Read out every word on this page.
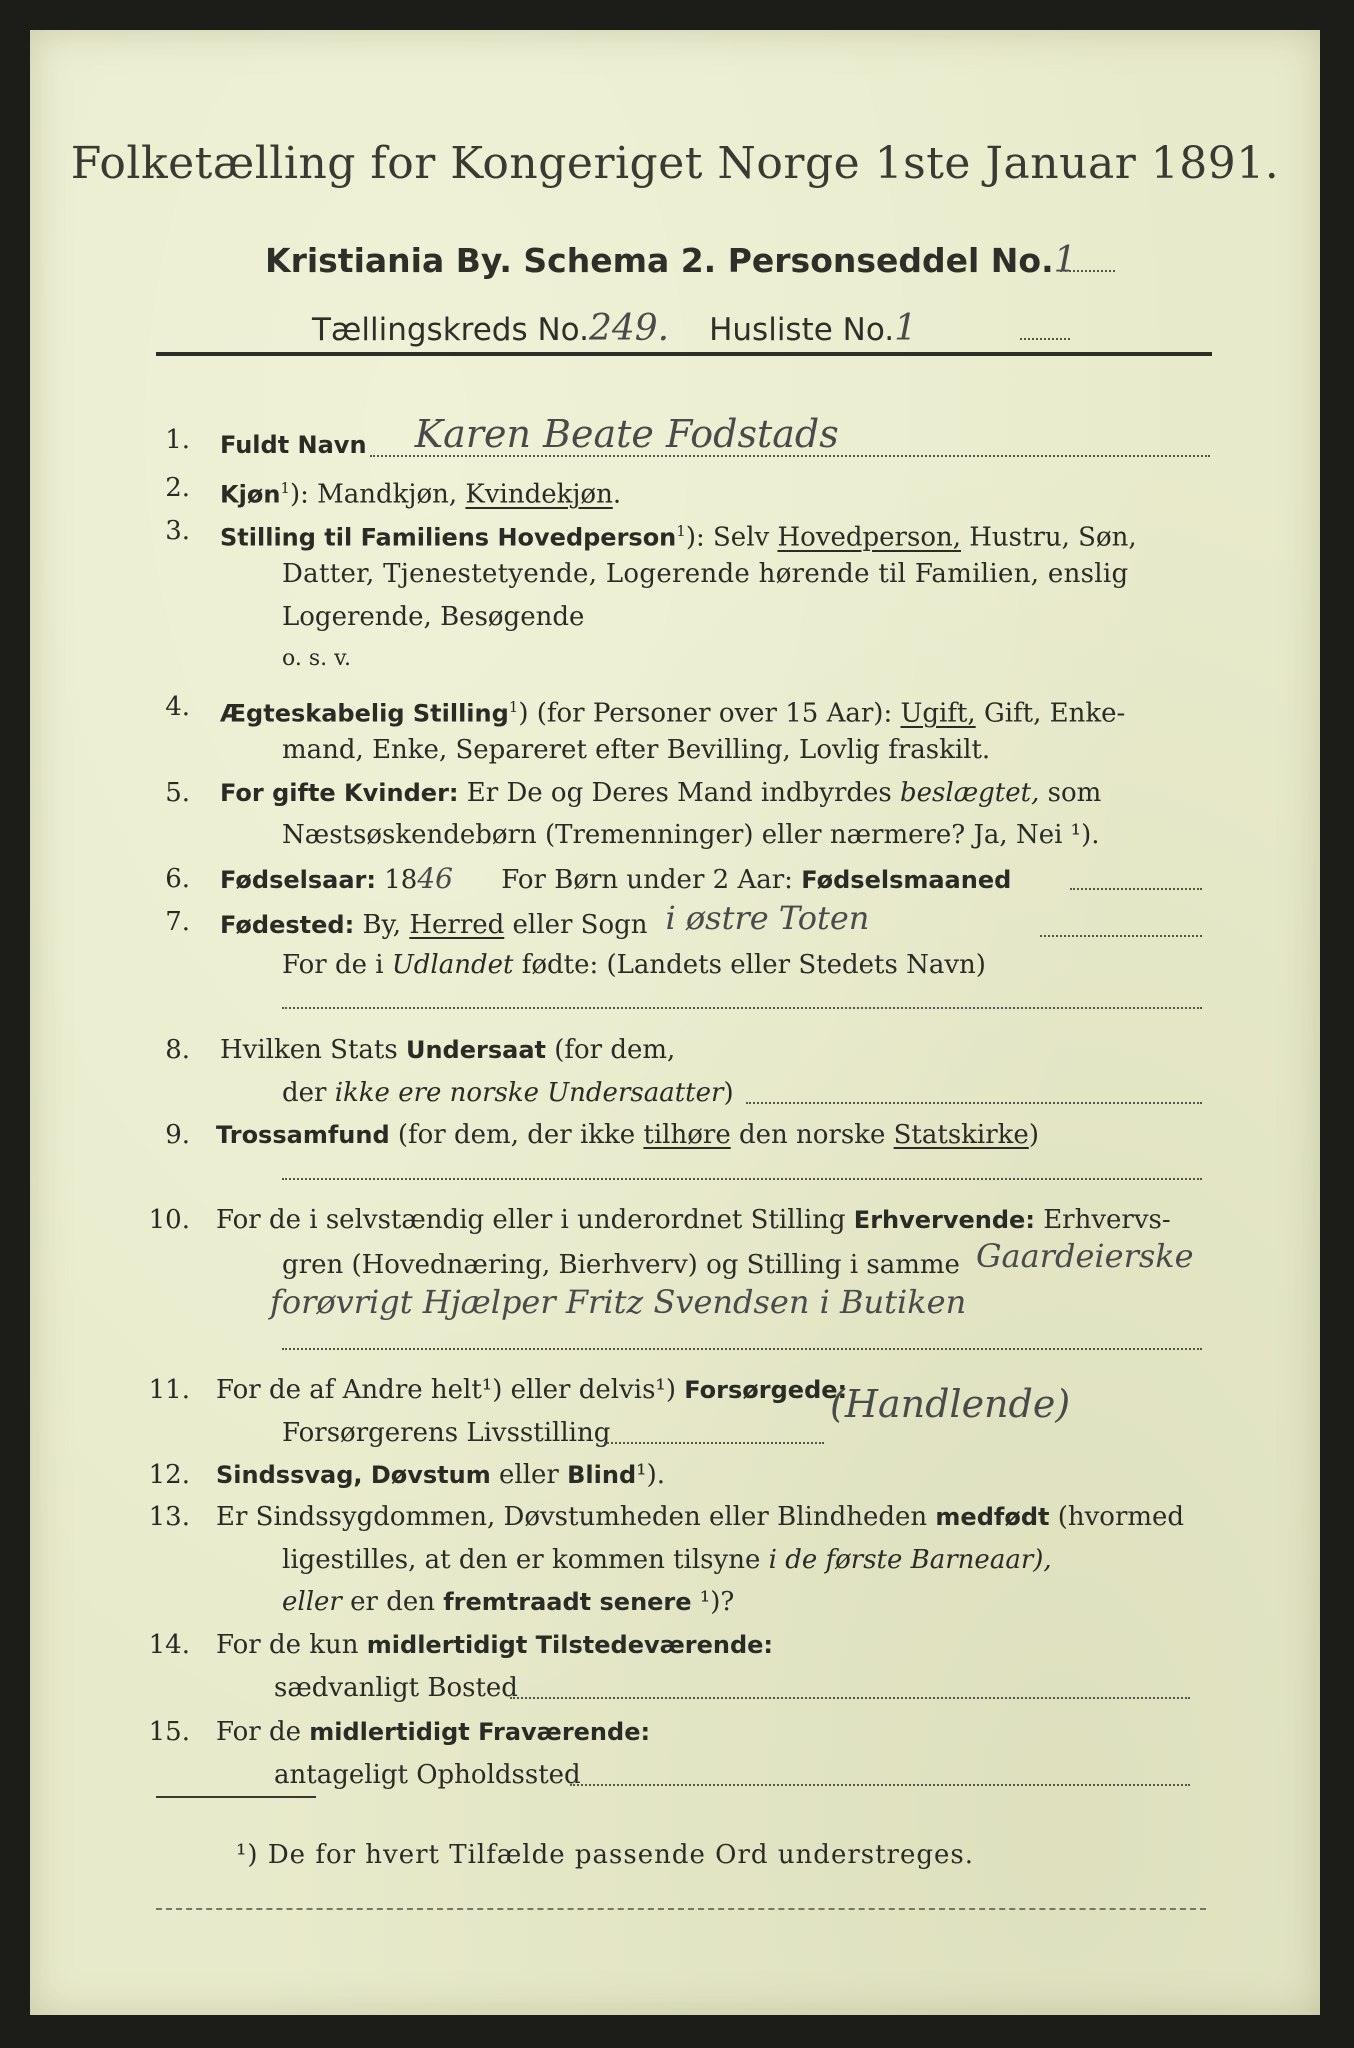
Folketælling for Kongeriget Norge 1ste Januar 1891.
Kristiania By. Schema 2. Personseddel No.1
Tællingskreds No.249. Husliste No.1
1. Fuldt Navn Karen Beate Fodstads
2. Kjøn$^1$): Mandkjøn, Kvindekjøn.
3. Stilling til Familiens Hovedperson$^1$): Selv Hovedperson, Hustru, Søn,
Datter, Tjenestetyende, Logerende hørende til Familien, enslig
Logerende, Besøgende
o. s. v.
4. Ægteskabelig Stilling$^1$) (for Personer over 15 Aar): Ugift, Gift, Enke-
mand, Enke, Separeret efter Bevilling, Lovlig fraskilt.
5. For gifte Kvinder: Er De og Deres Mand indbyrdes beslægtet, som
Næstsøskendebørn (Tremenninger) eller nærmere? Ja, Nei ¹).
6. Fødselsaar: 1846 For Børn under 2 Aar: Fødselsmaaned
7. Fødested: By, Herred eller Sogn i østre Toten
For de i Udlandet fødte: (Landets eller Stedets Navn)
8. Hvilken Stats Undersaat (for dem,
der ikke ere norske Undersaatter)
9. Trossamfund (for dem, der ikke tilhøre den norske Statskirke)
10. For de i selvstændig eller i underordnet Stilling Erhvervende: Erhvervs-
gren (Hovednæring, Bierhverv) og Stilling i samme Gaardeierske
forøvrigt Hjælper Fritz Svendsen i Butiken
11. For de af Andre helt¹) eller delvis¹) Forsørgede:
Forsørgerens Livsstilling
(Handlende)
12. Sindssvag, Døvstum eller Blind¹).
13. Er Sindssygdommen, Døvstumheden eller Blindheden medfødt (hvormed
ligestilles, at den er kommen tilsyne i de første Barneaar),
eller er den fremtraadt senere ¹)?
14. For de kun midlertidigt Tilstedeværende:
sædvanligt Bosted
15. For de midlertidigt Fraværende:
antageligt Opholdssted
¹) De for hvert Tilfælde passende Ord understreges.
